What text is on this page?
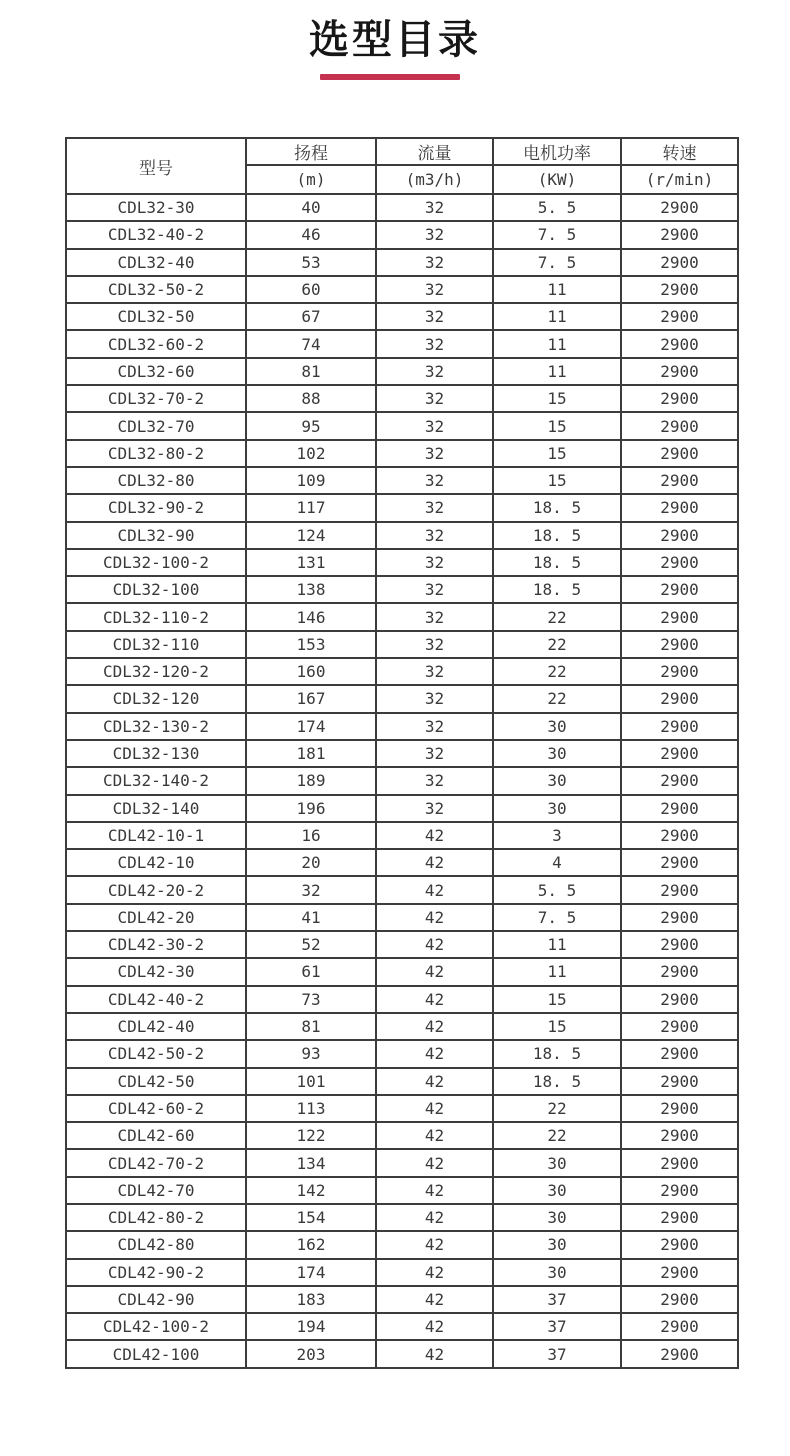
选型目录
型号	扬程	流量	电机功率	转速
	(m)	(m3/h)	(KW)	(r/min)
CDL32-30	40	32	5. 5	2900
CDL32-40-2	46	32	7. 5	2900
CDL32-40	53	32	7. 5	2900
CDL32-50-2	60	32	11	2900
CDL32-50	67	32	11	2900
CDL32-60-2	74	32	11	2900
CDL32-60	81	32	11	2900
CDL32-70-2	88	32	15	2900
CDL32-70	95	32	15	2900
CDL32-80-2	102	32	15	2900
CDL32-80	109	32	15	2900
CDL32-90-2	117	32	18. 5	2900
CDL32-90	124	32	18. 5	2900
CDL32-100-2	131	32	18. 5	2900
CDL32-100	138	32	18. 5	2900
CDL32-110-2	146	32	22	2900
CDL32-110	153	32	22	2900
CDL32-120-2	160	32	22	2900
CDL32-120	167	32	22	2900
CDL32-130-2	174	32	30	2900
CDL32-130	181	32	30	2900
CDL32-140-2	189	32	30	2900
CDL32-140	196	32	30	2900
CDL42-10-1	16	42	3	2900
CDL42-10	20	42	4	2900
CDL42-20-2	32	42	5. 5	2900
CDL42-20	41	42	7. 5	2900
CDL42-30-2	52	42	11	2900
CDL42-30	61	42	11	2900
CDL42-40-2	73	42	15	2900
CDL42-40	81	42	15	2900
CDL42-50-2	93	42	18. 5	2900
CDL42-50	101	42	18. 5	2900
CDL42-60-2	113	42	22	2900
CDL42-60	122	42	22	2900
CDL42-70-2	134	42	30	2900
CDL42-70	142	42	30	2900
CDL42-80-2	154	42	30	2900
CDL42-80	162	42	30	2900
CDL42-90-2	174	42	30	2900
CDL42-90	183	42	37	2900
CDL42-100-2	194	42	37	2900
CDL42-100	203	42	37	2900
